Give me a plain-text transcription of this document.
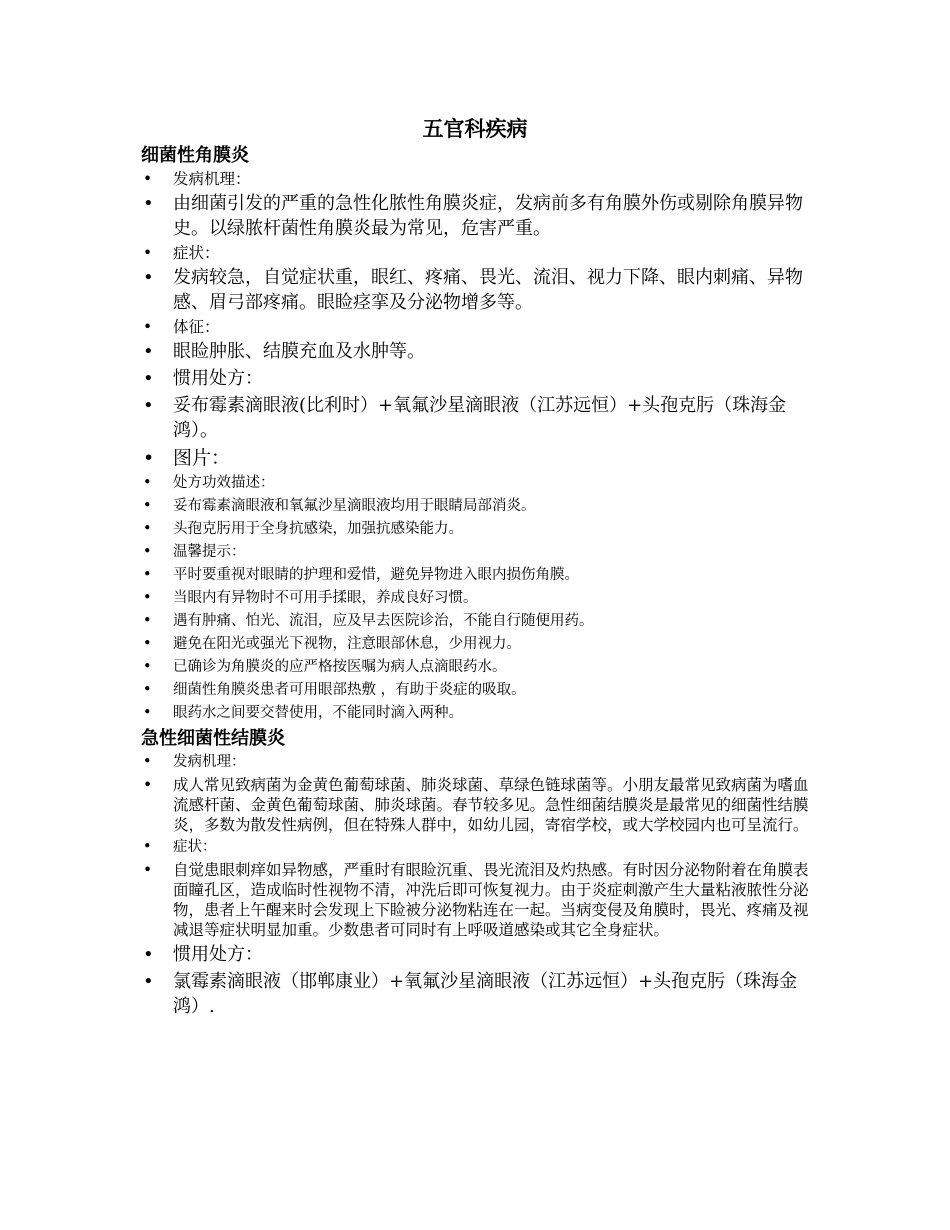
五官科疾病
细菌性角膜炎

• 发病机理：

• 由细菌引发的严重的急性化脓性角膜炎症，发病前多有角膜外伤或剔除角膜异物史。以绿脓杆菌性角膜炎最为常见，危害严重。

• 症状：

• 发病较急，自觉症状重，眼红、疼痛、畏光、流泪、视力下降、眼内刺痛、异物感、眉弓部疼痛。眼睑痉挛及分泌物增多等。

• 体征：

• 眼睑肿胀、结膜充血及水肿等。

• 惯用处方：

• 妥布霉素滴眼液(比利时）+氧氟沙星滴眼液（江苏远恒）+头孢克肟（珠海金鸿）。

• 图片：

• 处方功效描述：

• 妥布霉素滴眼液和氧氟沙星滴眼液均用于眼睛局部消炎。

• 头孢克肟用于全身抗感染，加强抗感染能力。

• 温馨提示：

• 平时要重视对眼睛的护理和爱惜，避免异物进入眼内损伤角膜。

• 当眼内有异物时不可用手揉眼，养成良好习惯。

• 遇有肿痛、怕光、流泪，应及早去医院诊治，不能自行随便用药。

• 避免在阳光或强光下视物，注意眼部休息，少用视力。

• 已确诊为角膜炎的应严格按医嘱为病人点滴眼药水。

• 细菌性角膜炎患者可用眼部热敷 ，有助于炎症的吸取。

• 眼药水之间要交替使用，不能同时滴入两种。

急性细菌性结膜炎

• 发病机理：

• 成人常见致病菌为金黄色葡萄球菌、肺炎球菌、草绿色链球菌等。小朋友最常见致病菌为嗜血流感杆菌、金黄色葡萄球菌、肺炎球菌。春节较多见。急性细菌结膜炎是最常见的细菌性结膜炎，多数为散发性病例，但在特殊人群中，如幼儿园，寄宿学校，或大学校园内也可呈流行。

• 症状：

• 自觉患眼刺痒如异物感，严重时有眼睑沉重、畏光流泪及灼热感。有时因分泌物附着在角膜表面瞳孔区，造成临时性视物不清，冲洗后即可恢复视力。由于炎症刺激产生大量粘液脓性分泌物，患者上午醒来时会发现上下睑被分泌物粘连在一起。当病变侵及角膜时，畏光、疼痛及视减退等症状明显加重。少数患者可同时有上呼吸道感染或其它全身症状。

• 惯用处方：

• 氯霉素滴眼液（邯郸康业）+氧氟沙星滴眼液（江苏远恒）+头孢克肟（珠海金鸿）.
